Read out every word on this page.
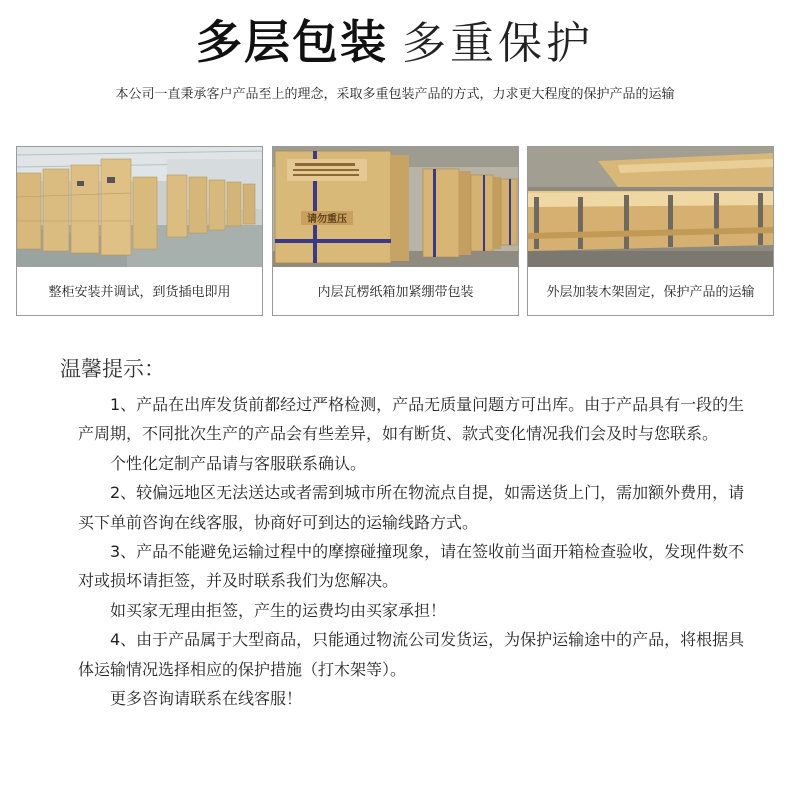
多层包装 多重保护
本公司一直秉承客户产品至上的理念，采取多重包装产品的方式，力求更大程度的保护产品的运输
整柜安装并调试，到货插电即用
请勿重压
内层瓦楞纸箱加紧绷带包装	外层加装木架固定，保护产品的运输
温馨提示：

1、产品在出库发货前都经过严格检测，产品无质量问题方可出库。由于产品具有一段的生产周期，不同批次生产的产品会有些差异，如有断货、款式变化情况我们会及时与您联系。

个性化定制产品请与客服联系确认。

2、较偏远地区无法送达或者需到城市所在物流点自提，如需送货上门，需加额外费用，请买下单前咨询在线客服，协商好可到达的运输线路方式。

3、产品不能避免运输过程中的摩擦碰撞现象，请在签收前当面开箱检查验收，发现件数不对或损坏请拒签，并及时联系我们为您解决。

如买家无理由拒签，产生的运费均由买家承担！

4、由于产品属于大型商品，只能通过物流公司发货运，为保护运输途中的产品，将根据具体运输情况选择相应的保护措施（打木架等）。

更多咨询请联系在线客服！
